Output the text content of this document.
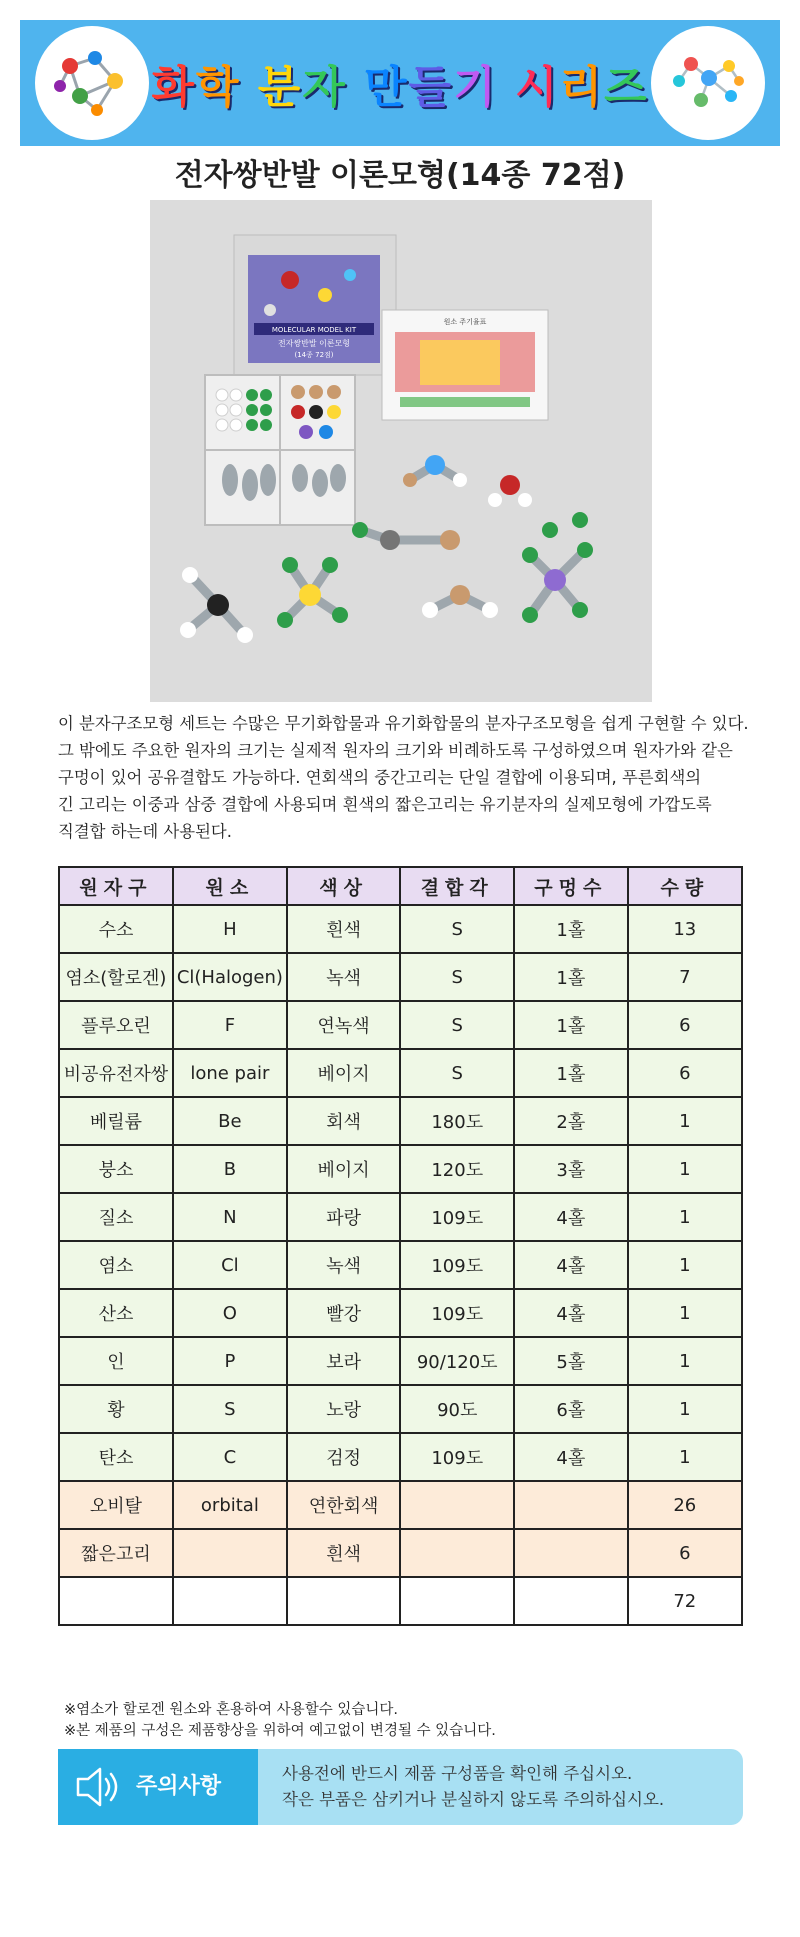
화 학
분 자
만 들 기
시 리 즈
전자쌍반발 이론모형(14종 72점)
MOLECULAR MODEL KIT
전자쌍반발 이론모형
(14종 72점)
원소 주기율표

이 분자구조모형 세트는 수많은 무기화합물과 유기화합물의 분자구조모형을 쉽게 구현할 수 있다.

그 밖에도 주요한 원자의 크기는 실제적 원자의 크기와 비례하도록 구성하였으며 원자가와 같은

구멍이 있어 공유결합도 가능하다. 연회색의 중간고리는 단일 결합에 이용되며, 푸른회색의

긴 고리는 이중과 삼중 결합에 사용되며 흰색의 짧은고리는 유기분자의 실제모형에 가깝도록

직결합 하는데 사용된다.

원자구	원소	색상	결합각	구멍수	수량
수소	H	흰색	S	1홀	13
염소(할로겐)	Cl(Halogen)	녹색	S	1홀	7
플루오린	F	연녹색	S	1홀	6
비공유전자쌍	lone pair	베이지	S	1홀	6
베릴륨	Be	회색	180도	2홀	1
붕소	B	베이지	120도	3홀	1
질소	N	파랑	109도	4홀	1
염소	Cl	녹색	109도	4홀	1
산소	O	빨강	109도	4홀	1
인	P	보라	90/120도	5홀	1
황	S	노랑	90도	6홀	1
탄소	C	검정	109도	4홀	1
오비탈	orbital	연한회색			26
짧은고리		흰색			6
					72

※염소가 할로겐 원소와 혼용하여 사용할수 있습니다.

※본 제품의 구성은 제품향상을 위하여 예고없이 변경될 수 있습니다.

주의사항

사용전에 반드시 제품 구성품을 확인해 주십시오.

작은 부품은 삼키거나 분실하지 않도록 주의하십시오.
